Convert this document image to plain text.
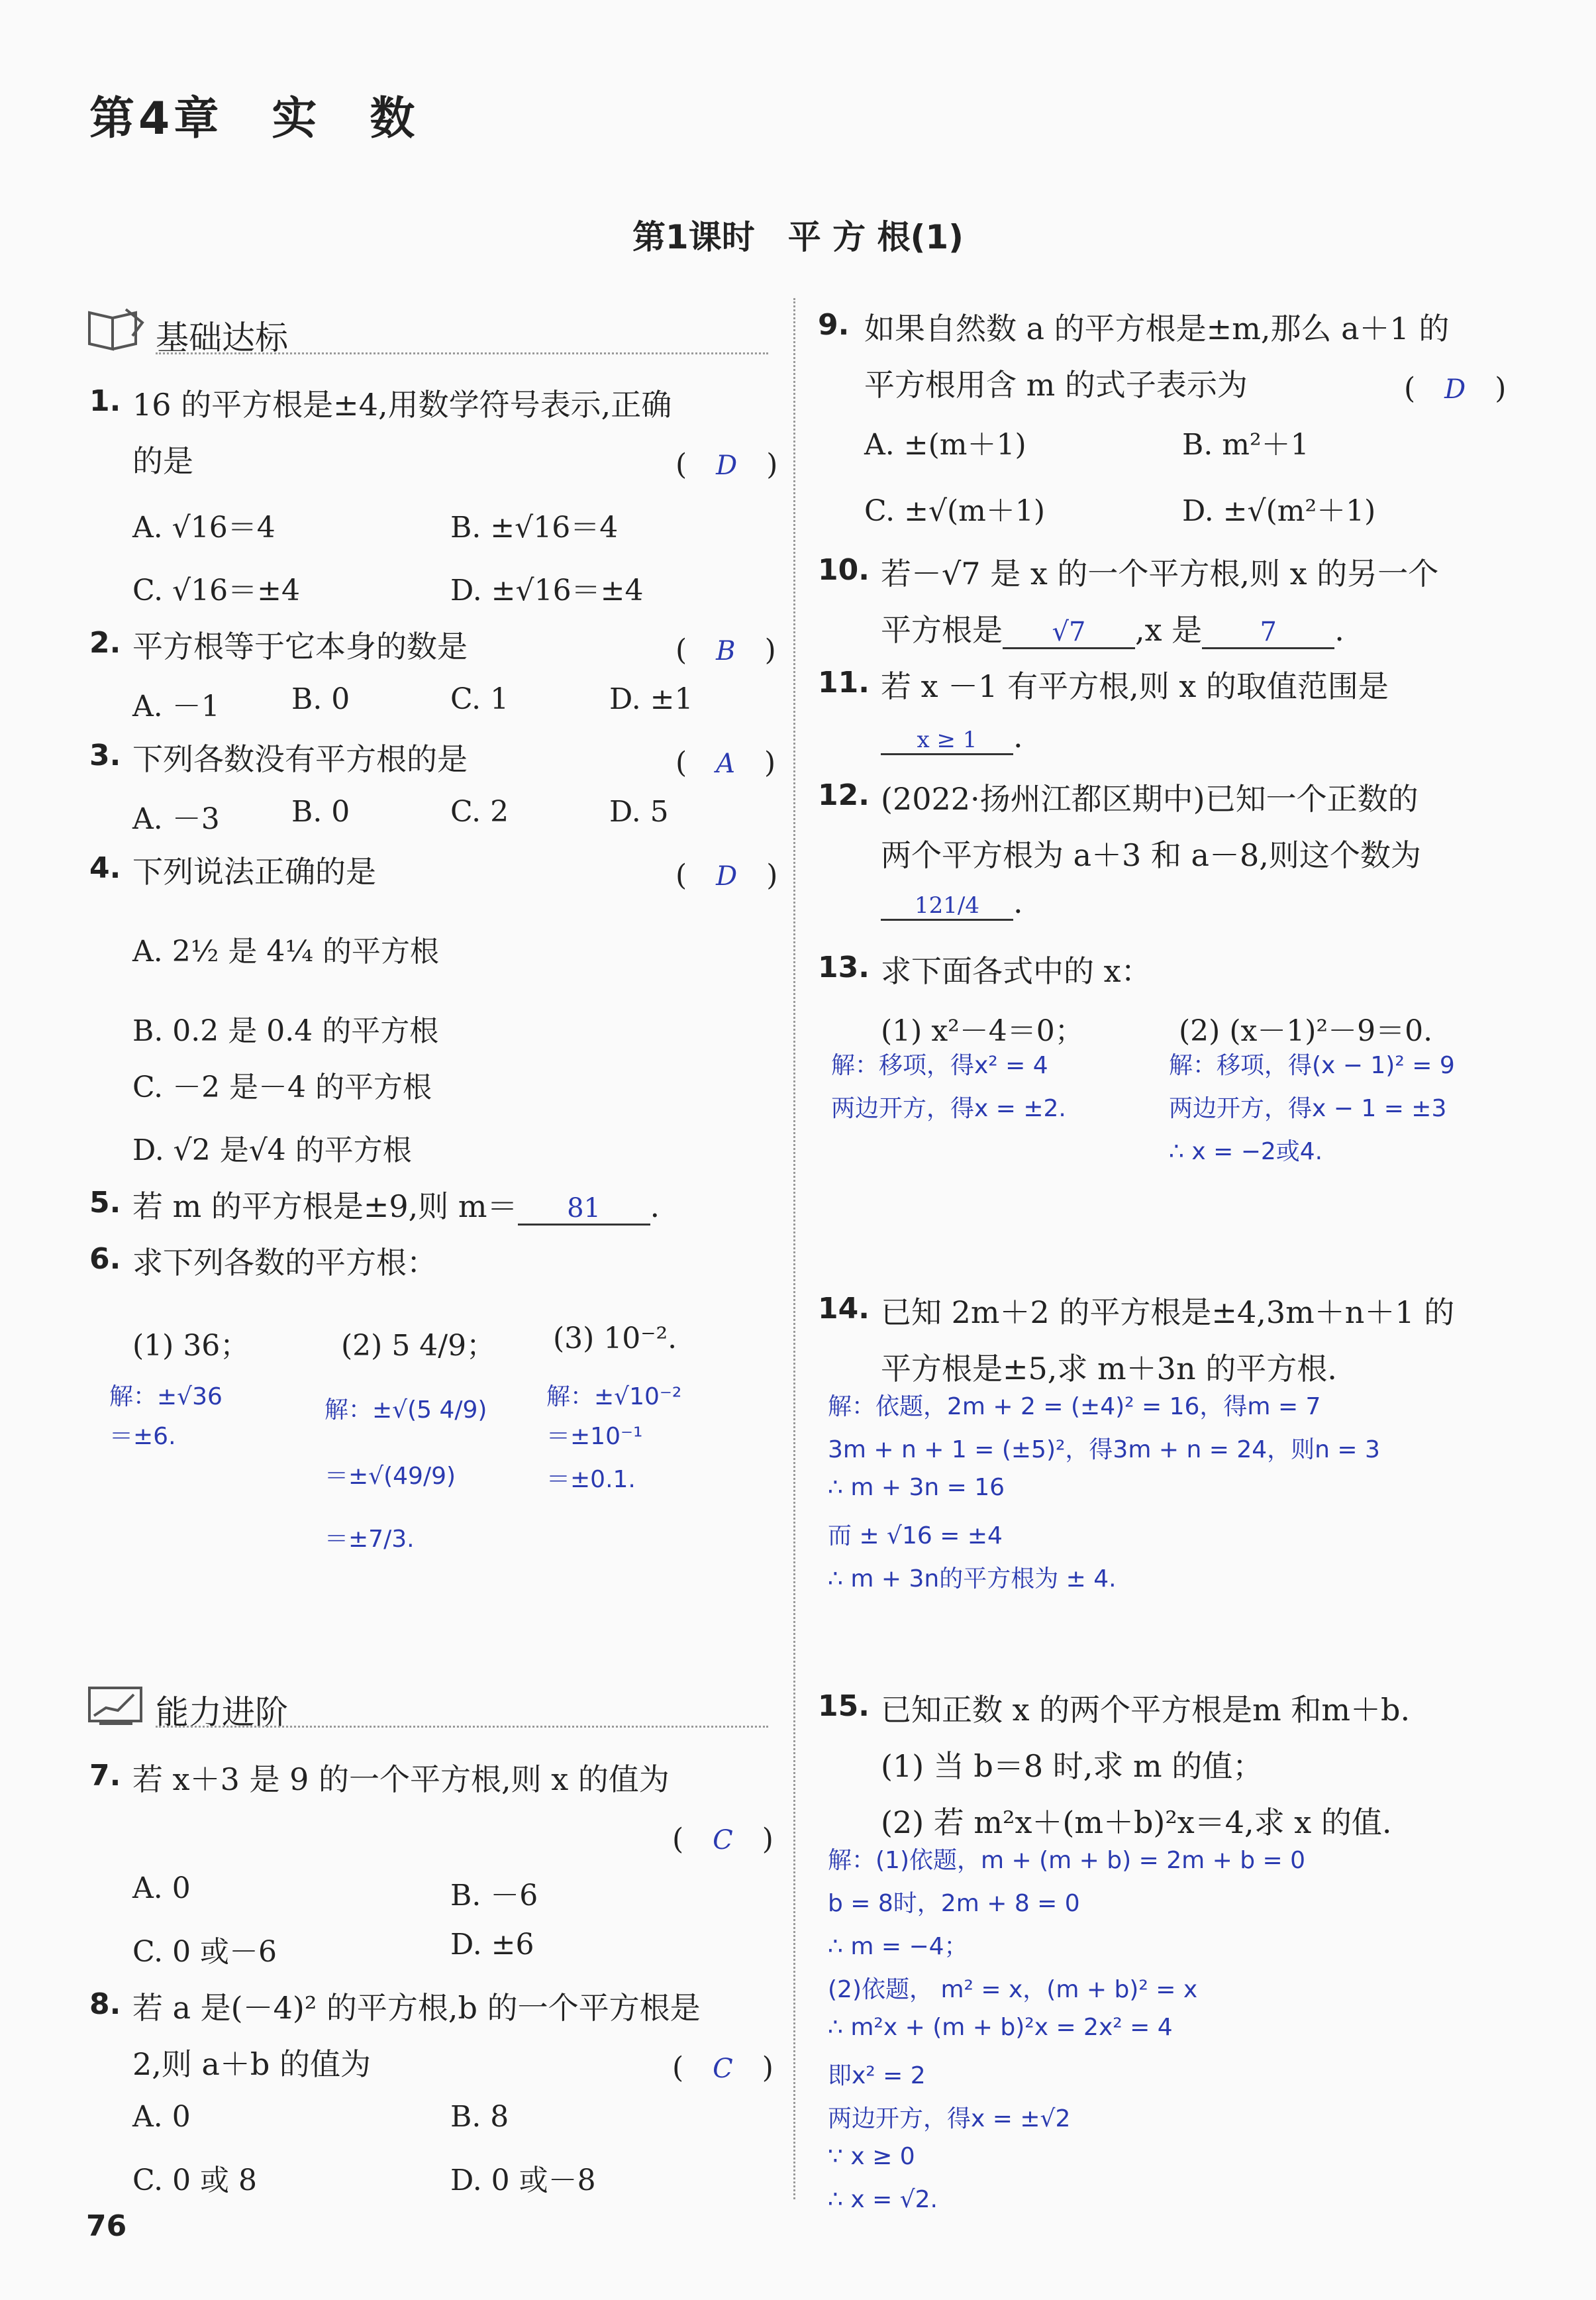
第4章　实　数
第1课时　平 方 根(1)
基础达标
1. 16 的平方根是±4,用数学符号表示,正确
的是	(　D　)
A. √16＝4	B. ±√16＝4
C. √16＝±4	D. ±√16＝±4
2. 平方根等于它本身的数是	(　B　)
A. －1 B. 0	C. 1	D. ±1
3. 下列各数没有平方根的是	(　A　)
A. －3 B. 0	C. 2	D. 5
4. 下列说法正确的是	(　D　)
A. 2½ 是 4¼ 的平方根
B. 0.2 是 0.4 的平方根
C. －2 是－4 的平方根
D. √2 是√4 的平方根
5. 若 m 的平方根是±9,则 m＝ 81 .
6. 求下列各数的平方根：
(1) 36；	(2) 5 4/9； (3) 10⁻².
解：±√36
＝±6.
解：±√(5 4/9)
＝±√(49/9)
＝±7/3.
解：±√10⁻²
＝±10⁻¹
＝±0.1.
能力进阶
7. 若 x＋3 是 9 的一个平方根,则 x 的值为
(　C　)
A. 0	B. －6
C. 0 或－6	D. ±6
8. 若 a 是(－4)² 的平方根,b 的一个平方根是
2,则 a＋b 的值为	(　C　)
A. 0	B. 8
C. 0 或 8	D. 0 或－8
9. 如果自然数 a 的平方根是±m,那么 a＋1 的
平方根用含 m 的式子表示为	(　D　)
A. ±(m＋1)	B. m²＋1
C. ±√(m＋1)	D. ±√(m²＋1)
10. 若－√7 是 x 的一个平方根,则 x 的另一个
平方根是 √7 ,x 是 7 .
11. 若 x －1 有平方根,则 x 的取值范围是
x ≥ 1 .
12. (2022·扬州江都区期中)已知一个正数的
两个平方根为 a＋3 和 a－8,则这个数为
121/4 .
13. 求下面各式中的 x：
(1) x²－4＝0；	(2) (x－1)²－9＝0.
解：移项，得x² = 4
两边开方，得x = ±2.
解：移项，得(x − 1)² = 9
两边开方，得x − 1 = ±3
∴ x = −2或4.
14. 已知 2m＋2 的平方根是±4,3m＋n＋1 的
平方根是±5,求 m＋3n 的平方根.
解：依题，2m + 2 = (±4)² = 16，得m = 7
3m + n + 1 = (±5)²，得3m + n = 24，则n = 3
∴ m + 3n = 16
而 ± √16 = ±4
∴ m + 3n的平方根为 ± 4.
15. 已知正数 x 的两个平方根是m 和m＋b.
(1) 当 b＝8 时,求 m 的值；
(2) 若 m²x＋(m＋b)²x＝4,求 x 的值.
解：(1)依题，m + (m + b) = 2m + b = 0
b = 8时，2m + 8 = 0
∴ m = −4；
(2)依题， m² = x，(m + b)² = x
∴ m²x + (m + b)²x = 2x² = 4
即x² = 2
两边开方，得x = ±√2
∵ x ≥ 0
∴ x = √2.
76
